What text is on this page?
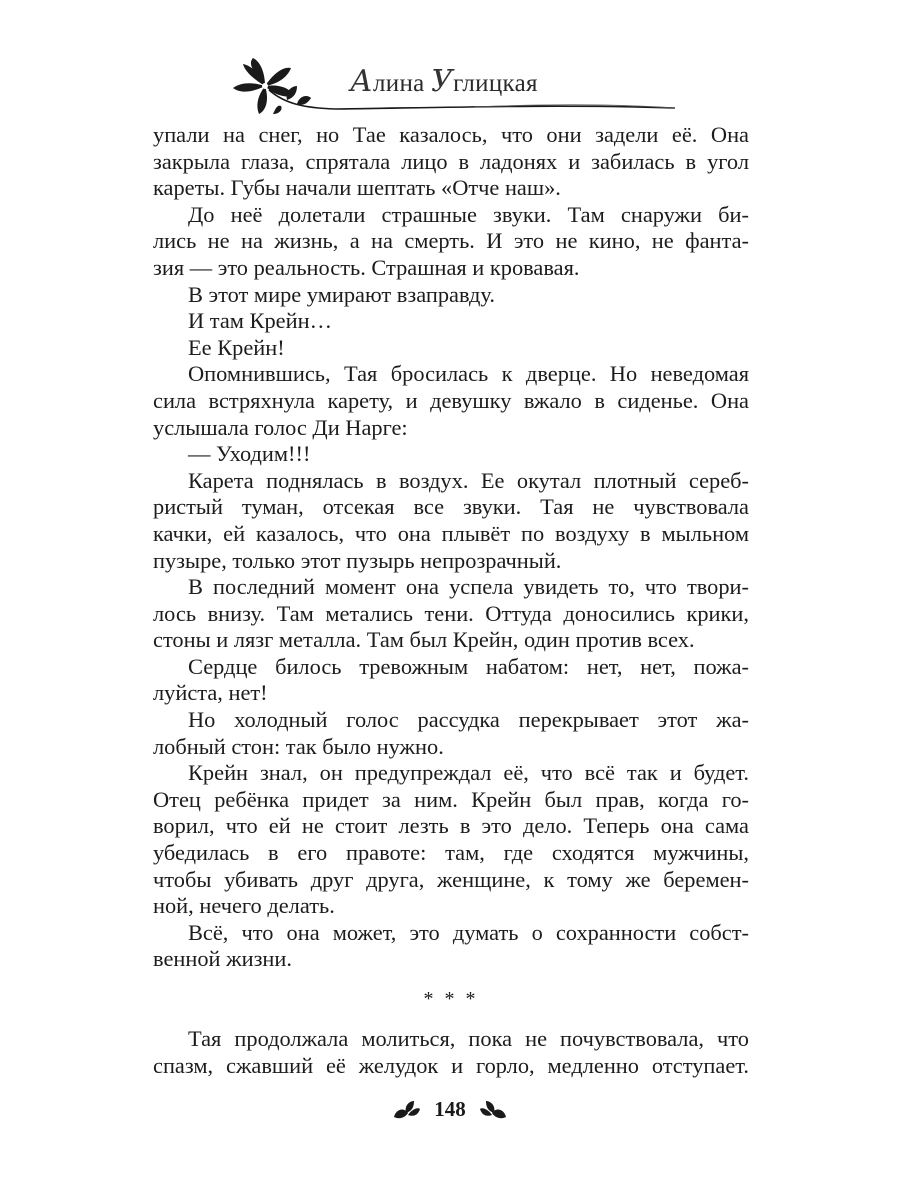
Алина Углицкая
упали на снег, но Тае казалось, что они задели её. Она
закрыла глаза, спрятала лицо в ладонях и забилась в угол
кареты. Губы начали шептать «Отче наш».
До неё долетали страшные звуки. Там снаружи би-
лись не на жизнь, а на смерть. И это не кино, не фанта-
зия — это реальность. Страшная и кровавая.
В этот мире умирают взаправду.
И там Крейн…
Ее Крейн!
Опомнившись, Тая бросилась к дверце. Но неведомая
сила встряхнула карету, и девушку вжало в сиденье. Она
услышала голос Ди Нарге:
— Уходим!!!
Карета поднялась в воздух. Ее окутал плотный сереб-
ристый туман, отсекая все звуки. Тая не чувствовала
качки, ей казалось, что она плывёт по воздуху в мыльном
пузыре, только этот пузырь непрозрачный.
В последний момент она успела увидеть то, что твори-
лось внизу. Там метались тени. Оттуда доносились крики,
стоны и лязг металла. Там был Крейн, один против всех.
Сердце билось тревожным набатом: нет, нет, пожа-
луйста, нет!
Но холодный голос рассудка перекрывает этот жа-
лобный стон: так было нужно.
Крейн знал, он предупреждал её, что всё так и будет.
Отец ребёнка придет за ним. Крейн был прав, когда го-
ворил, что ей не стоит лезть в это дело. Теперь она сама
убедилась в его правоте: там, где сходятся мужчины,
чтобы убивать друг друга, женщине, к тому же беремен-
ной, нечего делать.
Всё, что она может, это думать о сохранности собст-
венной жизни.
* * *
Тая продолжала молиться, пока не почувствовала, что
спазм, сжавший её желудок и горло, медленно отступает.
148
